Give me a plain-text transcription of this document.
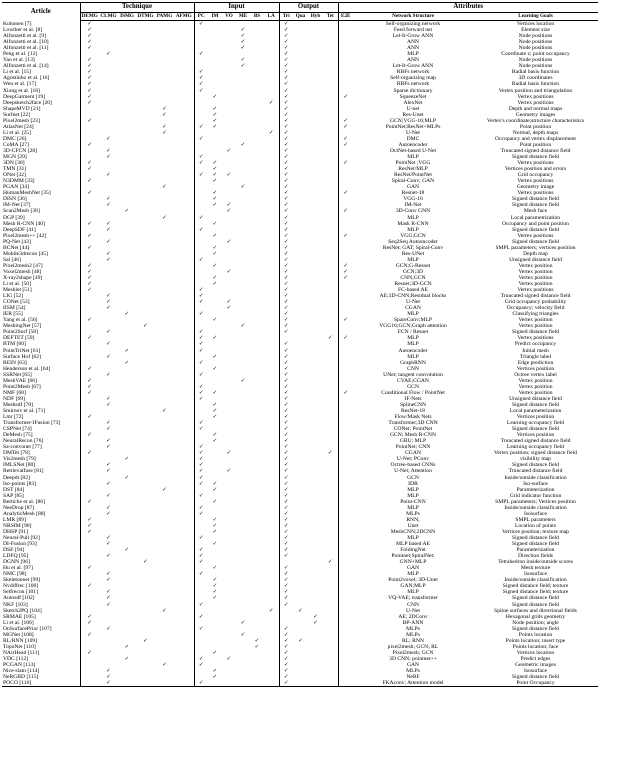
Article	Technique						Input						Output				Attributes		
	DEMG	CLMG	ISMG	DTMG	PAMG	AFMG	PC	IM	VO	ME	BS	LA	Tri	Qua	Hyb	Tet	E2E	Network Structure	Learning Goals
Kohonen [7]	✓						✓						✓					Self-organizing network	Vertices location
Lowther et al. [8]	✓									✓			✓					Feed forward net	Element size
Alfonzetti et al. [9]	✓									✓			✓					Let-It-Grow ANN	Node positions
Alfonzetti et al. [10]	✓									✓			✓					ANN	Node positions
Alfonzetti et al. [11]	✓									✓			✓					ANN	Node positions
Peng et al. [12]		✓					✓						✓					MLP	Coordinate z; point occupancy
Yao et al. [13]	✓									✓			✓					ANN	Node positions
Alfonzetti et al. [14]	✓									✓			✓					Let-It-Grow ANN	Node positions
Li et al. [15]	✓						✓						✓					RBFs network	Radial basis function
Agostinho et al. [16]	✓						✓						✓					Self-organizing map	3D coordinates
Wen et al. [17]	✓						✓						✓					RBFs network	Radial basis function
Xiong et al. [18]	✓						✓						✓					Sparse dictionary	Vertex position and triangulation
DeepGarment [19]	✓							✓					✓				✓	SqueezeNet	Vertex positions
Deepsketch2face [20]	✓											✓	✓					AlexNet	Vertex positions
ShapeMVD [21]					✓			✓					✓					U-net	Depth and normal maps
Surfnet [22]					✓			✓					✓					Res-Unet	Geometry images
Pixel2mesh [23]	✓							✓					✓				✓	GCN;VGG-16;MLP	Vertex's coordinate;structure characteristics
AtlasNet [24]					✓		✓	✓					✓				✓	PointNet;ResNet+MLPs	Point position
Li et al. [25]					✓							✓	✓					U-Net	Normal, depth maps
DMC [26]		✓					✓						✓				✓	DMC	Occupancy and vertex displacement
CoMA [27]	✓									✓			✓				✓	Autoencoder	Point position
3D-CFCN [28]		✓							✓				✓					OctNet-based U-Net	Truncated signed distance field
MGN [29]		✓					✓						✓					MLP	Signed distance field
3DN [30]	✓						✓	✓					✓				✓	PointNet ;VGG	Vertex positions
TMN [31]	✓							✓					✓					ResNet/MLP	Vertices position and errors
ONet [32]		✓					✓	✓	✓				✓					ResNet/PointNet	Grid occupancy
N3DMM [33]	✓							✓					✓					Spiral-Conv; GAN	Vertex positions
PGAN [34]					✓					✓			✓					GAN	Geometry image
HumanMeshNet [35]	✓							✓					✓				✓	Resnet-18	Vertex positions
DISN [36]		✓						✓					✓					VGG-16	Signed distance field
IM-Net [37]		✓						✓	✓				✓					IM-Net	Signed distance field
Scan2Mesh [38]			✓						✓				✓				✓	3D-Conv GNN	Mesh face
DGP [39]					✓		✓						✓					MLP	Local parametrization
Mesh R-CNN [40]	✓	✓						✓					✓					Mask R-CNN	Occupancy and point position
DeepSDF [41]		✓					✓						✓					MLP	Signed distance field
Pixel2mesh++ [42]	✓							✓					✓				✓	VGG;GCN	Vertex positions
PQ-Net [43]		✓							✓				✓					Seq2Seq Autoencoder	Signed distance field
BCNet [44]	✓							✓					✓					ResNet; GAT; Spiral-Conv	SMPL parameters; vertices position
Mobile3drecon [45]		✓						✓					✓					Res-UNet	Depth map
Sal [46]		✓					✓						✓					MLP	Unsigned distance field
Pixel2mesh2 [47]	✓							✓					✓				✓	GCN;G-Resnet	Vertex position
Voxel2mesh [48]	✓								✓				✓				✓	GCN;3D	Vertex position
X-ray2shape [49]	✓							✓					✓				✓	CNN;GCN	Vertex position
Li et al. [50]	✓							✓					✓					Resnet;3D-GCN	Vertex position
Meshlet [51]	✓						✓						✓					FC-based AE	Vertex positions
LIG [52]		✓					✓						✓					AE;3D-CNN;Residual blocks	Truncated signed distance field
CONet [53]		✓					✓		✓				✓					U-Net	Grid occupancy probability
IISM [54]		✓							✓				✓					CGAN	Occupancy; velocity field
IER [55]			✓				✓						✓					MLP	Classifying triangles
Yang et al. [56]	✓							✓					✓				✓	SpareConv;MLP	Vertex position
MeshingNet [57]				✓						✓			✓					VGG16;GCN;Graph attention	Vertex position
Point2Surf [58]		✓					✓						✓					FCN / Resnet	Signed distance field
DEFTET [59]	✓						✓	✓								✓	✓	MLP	Vertex positions
BTM [60]		✓					✓						✓					MLP	Predict occupancy
PointTriNet [61]			✓				✓						✓					Autoencoder	Initial mesh
Surface Hof [62]		✓						✓					✓					MLP	Triangle label
REIN [63]			✓				✓						✓					GraphRNN	Edge prediction
Henderson et al. [64]	✓							✓					✓					CNN	Vertices position
SSRNet [65]		✓					✓						✓					UNet; tangent convolution	Octree vertex label
MeshVAE [66]	✓									✓			✓					CVAE;CGAN	Vertex position
Point2Mesh [67]	✓						✓						✓					GCN	Vertex position
NMF [68]	✓						✓	✓					✓				✓	Conditional Flow / PointNet	Vertex position
NDF [69]		✓					✓						✓					IF-Nets	Unsigned distance field
Meshsdf [70]		✓						✓					✓					SplineCNN	Signed distance field
Smirnov et al. [71]					✓			✓					✓					ResNet-18	Local parameterization
Lmr [72]	✓							✓					✓					Flow/Mask Nets	Vertices position
Transformer-IFusion [73]		✓					✓						✓					Transformer;3D CNN	Learning occupancy field
CSPNet [74]		✓					✓						✓					CONet; PointNet	Signed distance field
DeMesh [75]	✓							✓					✓					GCN; Mesh R-CNN	Vertices position
NeuralRecon [76]		✓						✓					✓					GRU; MLP	Truncated signed distance field
Sa-convonet [77]		✓					✓						✓					PointNet; CNN	Learning occupancy field
DMTet [78]	✓						✓		✓				✓			✓		CGAN	Vertex position; signed distance field
Vis2mesh [79]			✓				✓						✓					U-Net; PConv	visibility map
IMLSNet [80]		✓					✓						✓					Octree-based CNNs	Signed distance field
Retrievalfuse [81]		✓					✓		✓				✓					U-Net; Attention	Truncated distance field
Deepdt [82]			✓				✓						✓					GCN	Inside/outside classification
Iso-points [83]		✓					✓	✓					✓					IDR	Iso-surface
DST [84]					✓			✓					✓					MLP	Parameterization
SAP [85]		✓					✓						✓					MLP	Grid indicator function
Bertiche et al. [86]	✓							✓					✓					Point-CNN	SMPL parameters; Vertices position
NeeDrop [87]		✓					✓						✓					MLP	Inside/outside classification
AnalyticMesh [88]		✓					✓						✓					MLPs	Isosurface
LMR [89]	✓							✓					✓					RNN;	SMPL parameters
NRSfM [90]	✓							✓					✓					Unet	Location of points
DHSP [91]	✓							✓					✓					MeshCNN;2DCNN	Vertices position; texture map
Neural-Pull [92]		✓					✓						✓					MLP	Signed distance field
DI-Fusion [93]		✓						✓					✓					MLP based AE	Signed distance field
DSE [94]			✓				✓						✓					FoldingNet	Parameterization
LDFQ [95]		✓					✓						✓					Pointnet;SpiralNet;	Direction fields
DGNN [96]				✓			✓									✓		GNN+MLP	Tetrahedron inside/outside scores
Hu et al. [97]	✓							✓					✓					GAN	Mesh texture
NMC [98]		✓					✓						✓					MLP	Isosurface
Skeletonnet [99]		✓						✓					✓					Point2voxel; 3D-Unet	Inside/outside classification
Nvdiffrec [100]	✓							✓					✓					GAN;MLP	Signed distance field; texture
Selfrecon [101]		✓						✓					✓					MLP	Signed distance field; texture
Autosdf [102]		✓						✓					✓					VQ-VAE; transformer	Signed distance field
NKF [103]		✓					✓						✓					CNN	Signed distance field
Sketch2PQ [104]					✓							✓		✓				U-Net	Spline surfaces and directional fields
SRMAE [105]	✓						✓								✓			AE; 2DConv	Hexagonal grids geometry
Li et al. [106]	✓									✓					✓			BP-ANN	Node position; angle
OnSurfacePrior [107]		✓					✓						✓					MLPs	Signed distance field
MGNet [108]	✓									✓			✓					MLPs	Points location
RL/RNN [109]				✓							✓		✓	✓				RL; RNN	Points location; insert type
TopoNet [110]			✓								✓		✓					pixel2mesh; GCN; RL	Points location; face
NAirHead [111]	✓							✓					✓					Pixel2mesh; GCN	Vertices location
VDC [112]			✓				✓		✓				✓					3D CNN; pointnet++	Predict edges
PCGAN [113]					✓		✓						✓					GAN	Geometric images
Nice-slam [114]		✓						✓					✓					MLPs	Isosurface
NeRGBD [115]		✓						✓					✓					NeRF	Signed distance field
POCO [116]		✓					✓						✓					FKAconv; Attention model	Point Occupancy
